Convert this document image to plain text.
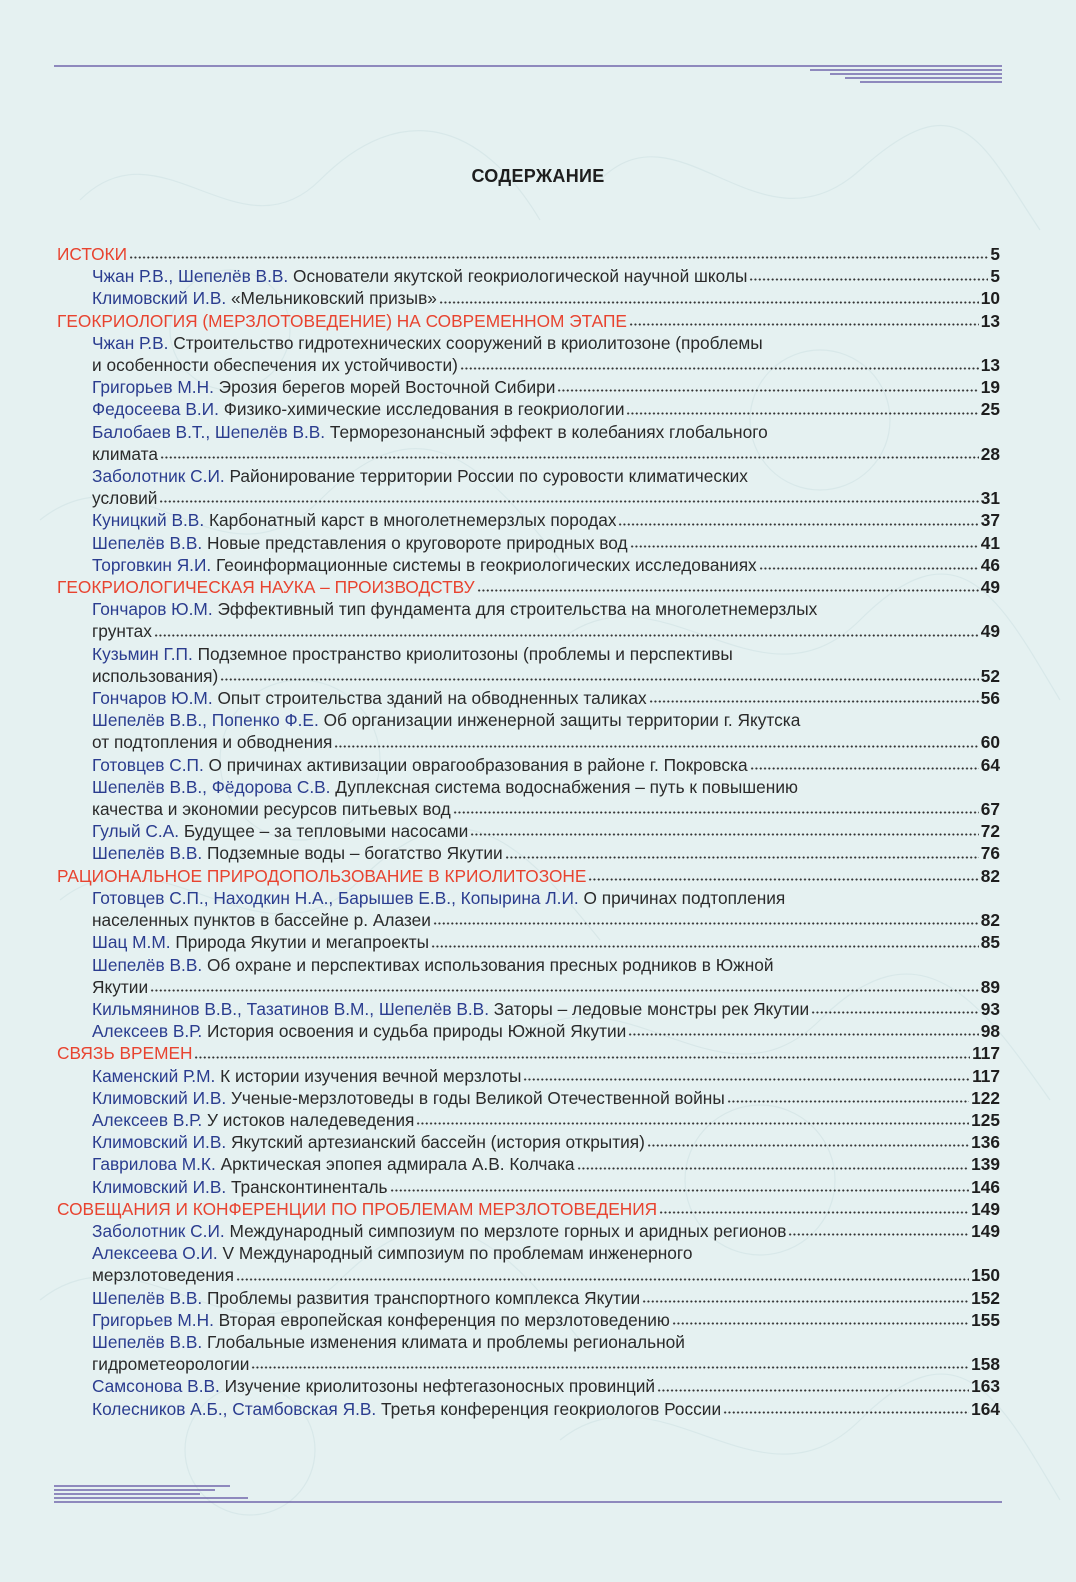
СОДЕРЖАНИЕ
ИСТОКИ	5
Чжан Р.В., Шепелёв В.В. Основатели якутской геокриологической научной школы	5
Климовский И.В. «Мельниковский призыв»	10
ГЕОКРИОЛОГИЯ (МЕРЗЛОТОВЕДЕНИЕ) НА СОВРЕМЕННОМ ЭТАПЕ	13
Чжан Р.В. Строительство гидротехнических сооружений в криолитозоне (проблемы
и особенности обеспечения их устойчивости)	13
Григорьев М.Н. Эрозия берегов морей Восточной Сибири	19
Федосеева В.И. Физико-химические исследования в геокриологии	25
Балобаев В.Т., Шепелёв В.В. Терморезонансный эффект в колебаниях глобального
климата	28
Заболотник С.И. Районирование территории России по суровости климатических
условий	31
Куницкий В.В. Карбонатный карст в многолетнемерзлых породах	37
Шепелёв В.В. Новые представления о круговороте природных вод	41
Торговкин Я.И. Геоинформационные системы в геокриологических исследованиях	46
ГЕОКРИОЛОГИЧЕСКАЯ НАУКА – ПРОИЗВОДСТВУ	49
Гончаров Ю.М. Эффективный тип фундамента для строительства на многолетнемерзлых
грунтах	49
Кузьмин Г.П. Подземное пространство криолитозоны (проблемы и перспективы
использования)	52
Гончаров Ю.М. Опыт строительства зданий на обводненных таликах	56
Шепелёв В.В., Попенко Ф.Е. Об организации инженерной защиты территории г. Якутска
от подтопления и обводнения	60
Готовцев С.П. О причинах активизации оврагообразования в районе г. Покровска	64
Шепелёв В.В., Фёдорова С.В. Дуплексная система водоснабжения – путь к повышению
качества и экономии ресурсов питьевых вод	67
Гулый С.А. Будущее – за тепловыми насосами	72
Шепелёв В.В. Подземные воды – богатство Якутии	76
РАЦИОНАЛЬНОЕ ПРИРОДОПОЛЬЗОВАНИЕ В КРИОЛИТОЗОНЕ	82
Готовцев С.П., Находкин Н.А., Барышев Е.В., Копырина Л.И. О причинах подтопления
населенных пунктов в бассейне р. Алазеи	82
Шац М.М. Природа Якутии и мегапроекты	85
Шепелёв В.В. Об охране и перспективах использования пресных родников в Южной
Якутии	89
Кильмянинов В.В., Тазатинов В.М., Шепелёв В.В. Заторы – ледовые монстры рек Якутии	93
Алексеев В.Р. История освоения и судьба природы Южной Якутии	98
СВЯЗЬ ВРЕМЕН	117
Каменский Р.М. К истории изучения вечной мерзлоты	117
Климовский И.В. Ученые-мерзлотоведы в годы Великой Отечественной войны	122
Алексеев В.Р. У истоков наледеведения	125
Климовский И.В. Якутский артезианский бассейн (история открытия)	136
Гаврилова М.К. Арктическая эпопея адмирала А.В. Колчака	139
Климовский И.В. Трансконтиненталь	146
СОВЕЩАНИЯ И КОНФЕРЕНЦИИ ПО ПРОБЛЕМАМ МЕРЗЛОТОВЕДЕНИЯ	149
Заболотник С.И. Международный симпозиум по мерзлоте горных и аридных регионов	149
Алексеева О.И. V Международный симпозиум по проблемам инженерного
мерзлотоведения	150
Шепелёв В.В. Проблемы развития транспортного комплекса Якутии	152
Григорьев М.Н. Вторая европейская конференция по мерзлотоведению	155
Шепелёв В.В. Глобальные изменения климата и проблемы региональной
гидрометеорологии	158
Самсонова В.В. Изучение криолитозоны нефтегазоносных провинций	163
Колесников А.Б., Стамбовская Я.В. Третья конференция геокриологов России	164
